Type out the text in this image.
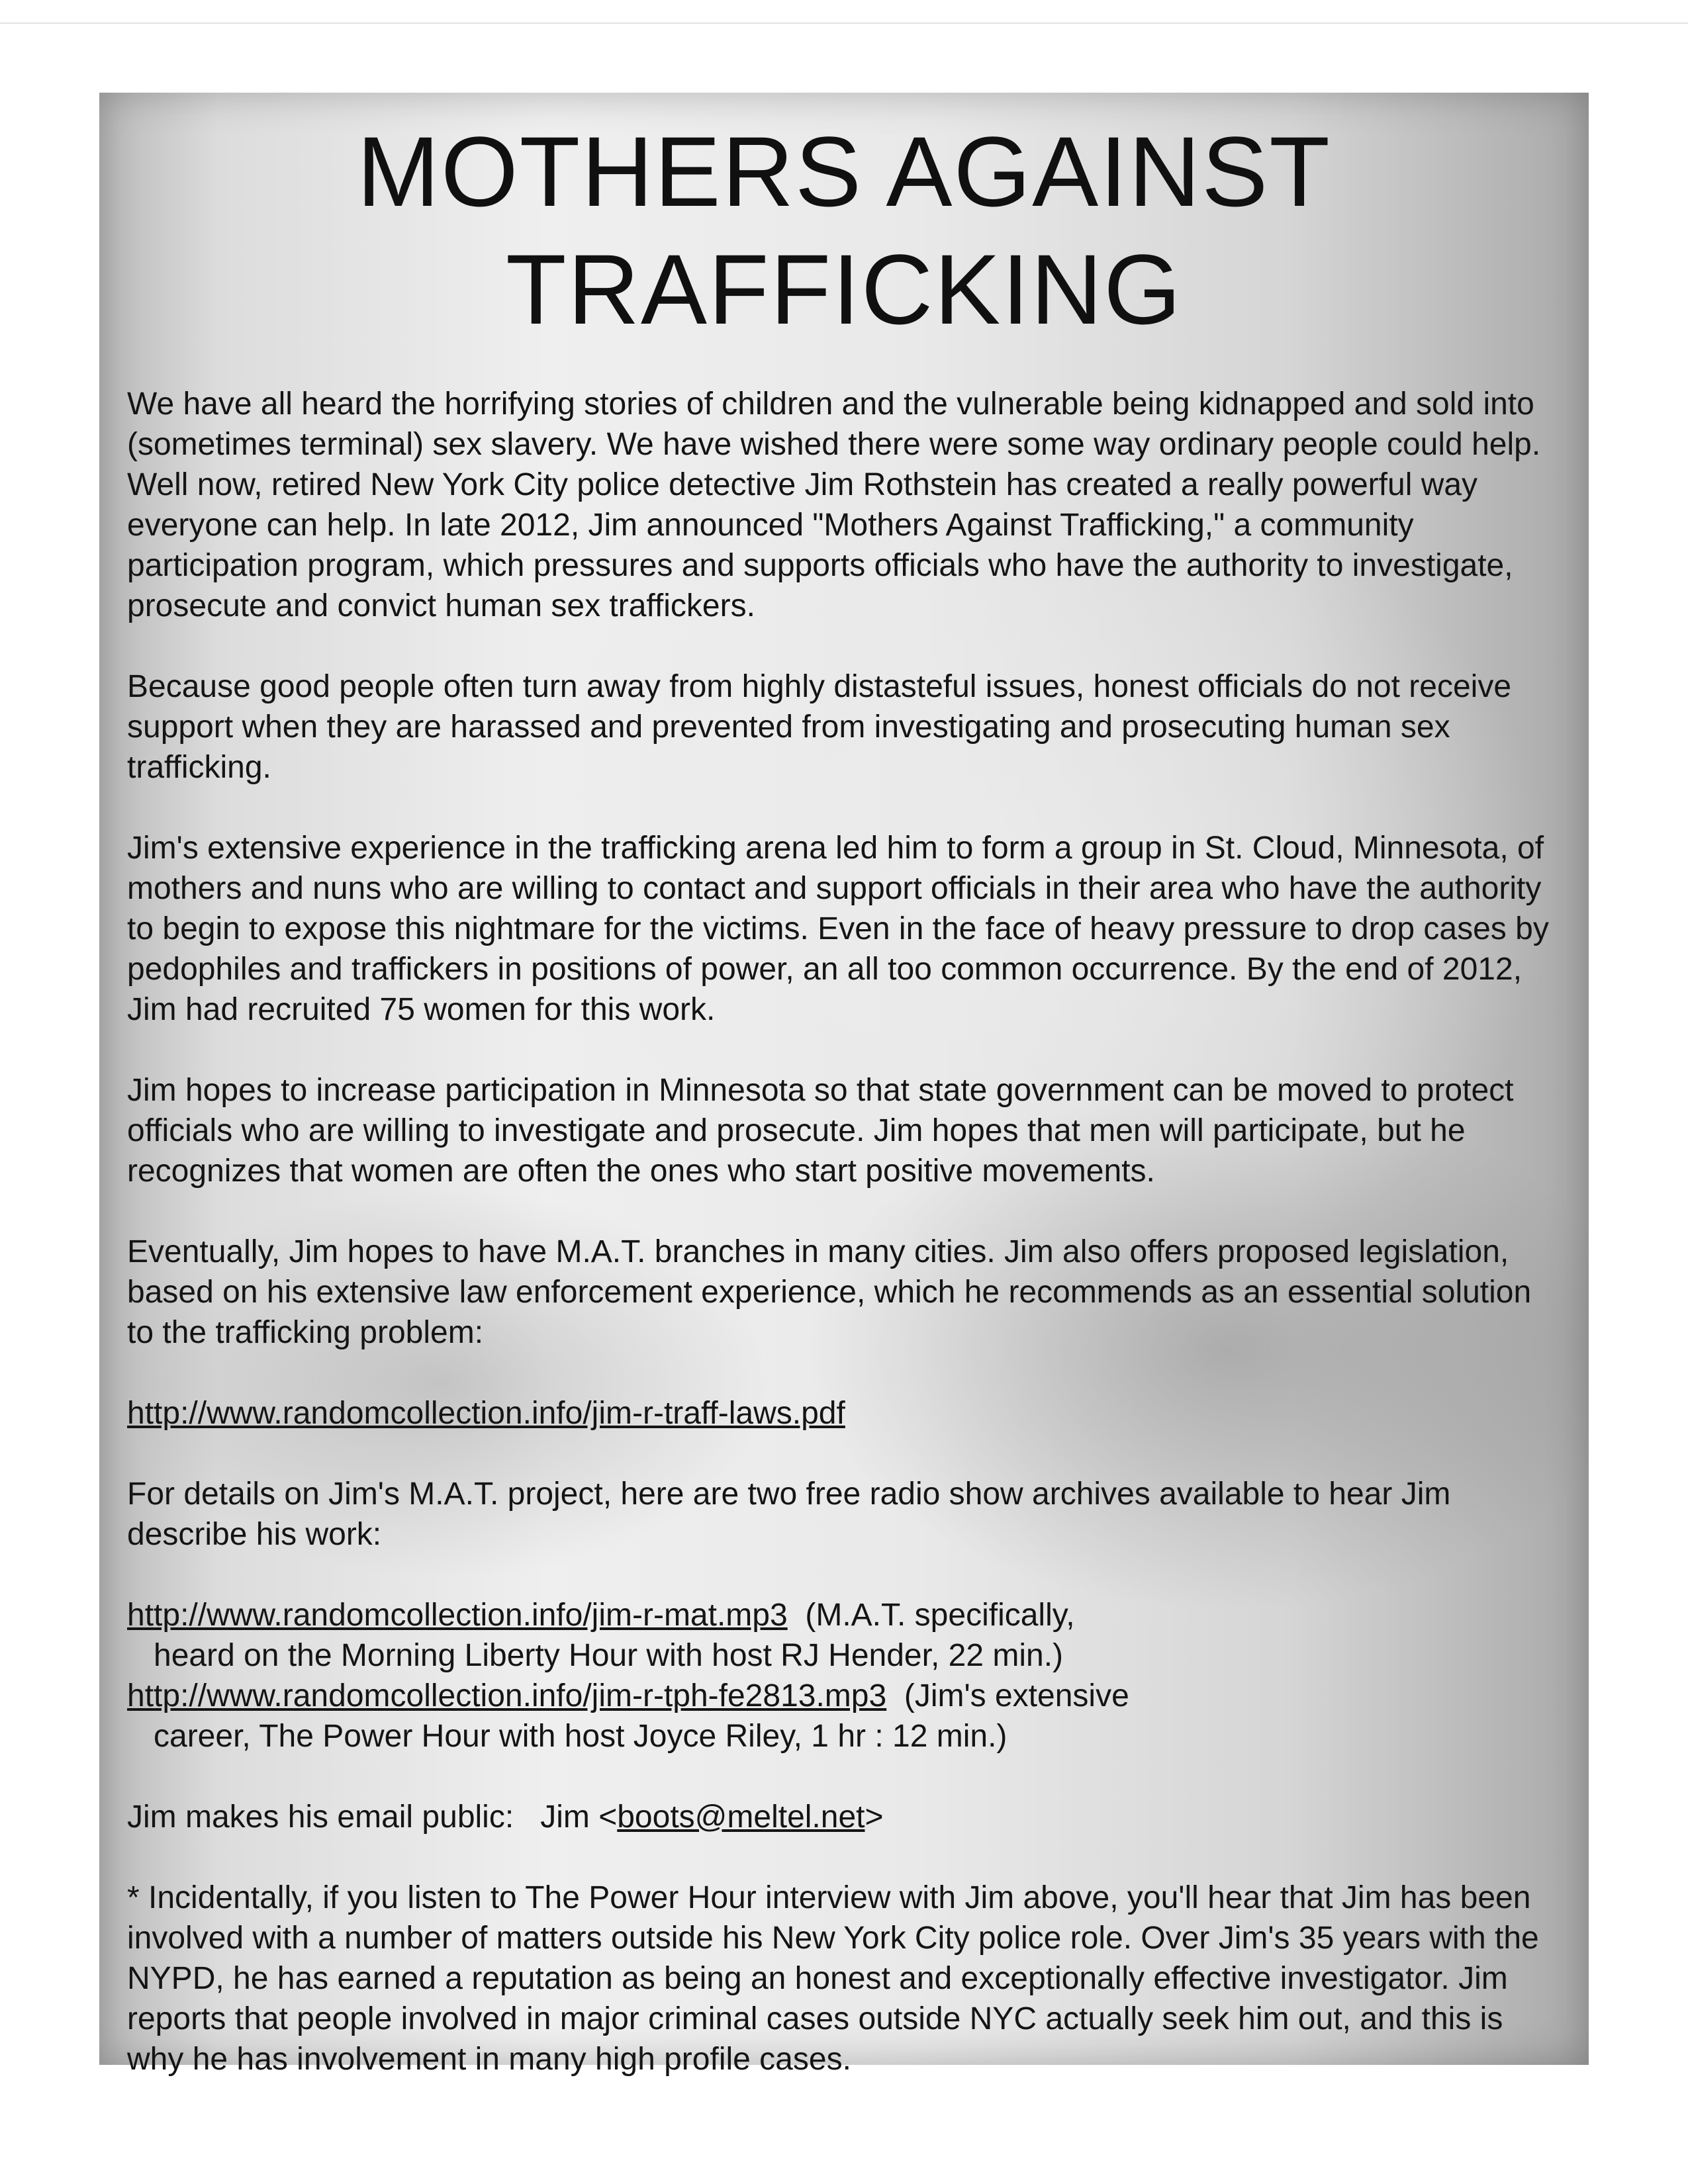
MOTHERS AGAINST
TRAFFICKING

We have all heard the horrifying stories of children and the vulnerable being kidnapped and sold into (sometimes terminal) sex slavery. We have wished there were some way ordinary people could help. Well now, retired New York City police detective Jim Rothstein has created a really powerful way everyone can help. In late 2012, Jim announced "Mothers Against Trafficking," a community participation program, which pressures and supports officials who have the authority to investigate, prosecute and convict human sex traffickers.

Because good people often turn away from highly distasteful issues, honest officials do not receive support when they are harassed and prevented from investigating and prosecuting human sex trafficking.

Jim's extensive experience in the trafficking arena led him to form a group in St. Cloud, Minnesota, of mothers and nuns who are willing to contact and support officials in their area who have the authority to begin to expose this nightmare for the victims. Even in the face of heavy pressure to drop cases by pedophiles and traffickers in positions of power, an all too common occurrence. By the end of 2012, Jim had recruited 75 women for this work.

Jim hopes to increase participation in Minnesota so that state government can be moved to protect officials who are willing to investigate and prosecute. Jim hopes that men will participate, but he recognizes that women are often the ones who start positive movements.

Eventually, Jim hopes to have M.A.T. branches in many cities. Jim also offers proposed legislation, based on his extensive law enforcement experience, which he recommends as an essential solution to the trafficking problem:

http://www.randomcollection.info/jim-r-traff-laws.pdf

For details on Jim's M.A.T. project, here are two free radio show archives available to hear Jim describe his work:

http://www.randomcollection.info/jim-r-mat.mp3 (M.A.T. specifically,
heard on the Morning Liberty Hour with host RJ Hender, 22 min.)
http://www.randomcollection.info/jim-r-tph-fe2813.mp3 (Jim's extensive
career, The Power Hour with host Joyce Riley, 1 hr : 12 min.)

Jim makes his email public: Jim <boots@meltel.net>

* Incidentally, if you listen to The Power Hour interview with Jim above, you'll hear that Jim has been involved with a number of matters outside his New York City police role. Over Jim's 35 years with the NYPD, he has earned a reputation as being an honest and exceptionally effective investigator. Jim reports that people involved in major criminal cases outside NYC actually seek him out, and this is why he has involvement in many high profile cases.
